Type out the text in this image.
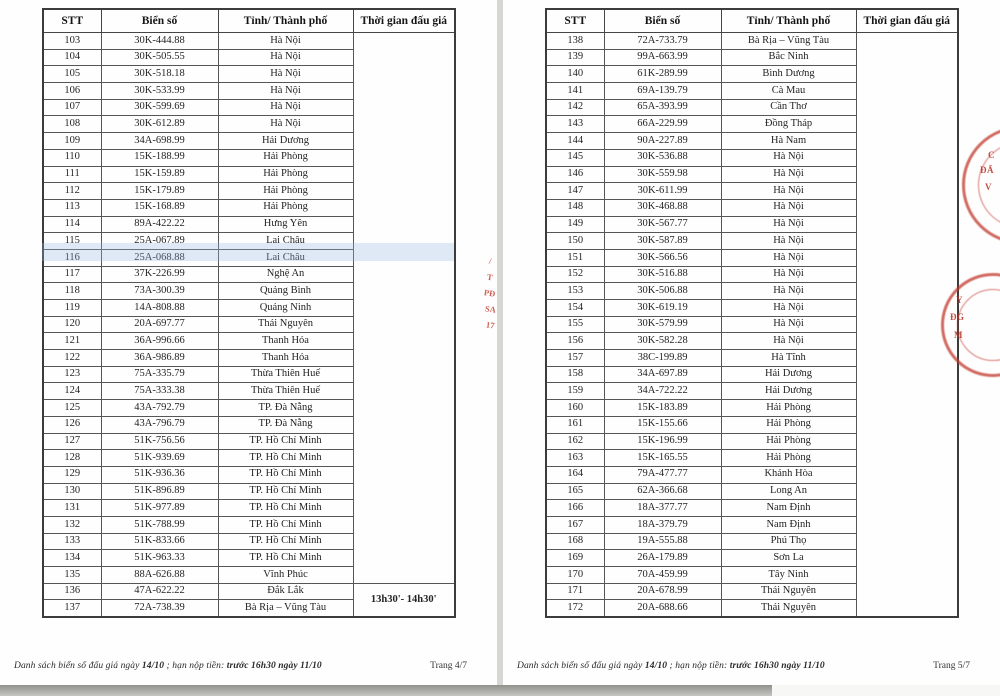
STT	Biển số	Tỉnh/ Thành phố	Thời gian đấu giá
103	30K-444.88	Hà Nội	
104	30K-505.55	Hà Nội	
105	30K-518.18	Hà Nội	
106	30K-533.99	Hà Nội	
107	30K-599.69	Hà Nội	
108	30K-612.89	Hà Nội	
109	34A-698.99	Hải Dương	
110	15K-188.99	Hải Phòng	
111	15K-159.89	Hải Phòng	
112	15K-179.89	Hải Phòng	
113	15K-168.89	Hải Phòng	
114	89A-422.22	Hưng Yên	
115	25A-067.89	Lai Châu	
116	25A-068.88	Lai Châu	
117	37K-226.99	Nghệ An	
118	73A-300.39	Quảng Bình	
119	14A-808.88	Quảng Ninh	
120	20A-697.77	Thái Nguyên	
121	36A-996.66	Thanh Hóa	
122	36A-986.89	Thanh Hóa	
123	75A-335.79	Thừa Thiên Huế	
124	75A-333.38	Thừa Thiên Huế	
125	43A-792.79	TP. Đà Nẵng	
126	43A-796.79	TP. Đà Nẵng	
127	51K-756.56	TP. Hồ Chí Minh	
128	51K-939.69	TP. Hồ Chí Minh	
129	51K-936.36	TP. Hồ Chí Minh	
130	51K-896.89	TP. Hồ Chí Minh	
131	51K-977.89	TP. Hồ Chí Minh	
132	51K-788.99	TP. Hồ Chí Minh	
133	51K-833.66	TP. Hồ Chí Minh	
134	51K-963.33	TP. Hồ Chí Minh	
135	88A-626.88	Vĩnh Phúc	
136	47A-622.22	Đắk Lắk	13h30'- 14h30'
137	72A-738.39	Bà Rịa – Vũng Tàu	
Danh sách biển số đấu giá ngày 14/10 ; hạn nộp tiền: trước 16h30 ngày 11/10	Trang 4/7
STT	Biển số	Tỉnh/ Thành phố	Thời gian đấu giá
138	72A-733.79	Bà Rịa – Vũng Tàu	
139	99A-663.99	Bắc Ninh	
140	61K-289.99	Bình Dương	
141	69A-139.79	Cà Mau	
142	65A-393.99	Cần Thơ	
143	66A-229.99	Đồng Tháp	
144	90A-227.89	Hà Nam	
145	30K-536.88	Hà Nội	
146	30K-559.98	Hà Nội	
147	30K-611.99	Hà Nội	
148	30K-468.88	Hà Nội	
149	30K-567.77	Hà Nội	
150	30K-587.89	Hà Nội	
151	30K-566.56	Hà Nội	
152	30K-516.88	Hà Nội	
153	30K-506.88	Hà Nội	
154	30K-619.19	Hà Nội	
155	30K-579.99	Hà Nội	
156	30K-582.28	Hà Nội	
157	38C-199.89	Hà Tĩnh	
158	34A-697.89	Hải Dương	
159	34A-722.22	Hải Dương	
160	15K-183.89	Hải Phòng	
161	15K-155.66	Hải Phòng	
162	15K-196.99	Hải Phòng	
163	15K-165.55	Hải Phòng	
164	79A-477.77	Khánh Hòa	
165	62A-366.68	Long An	
166	18A-377.77	Nam Định	
167	18A-379.79	Nam Định	
168	19A-555.88	Phú Thọ	
169	26A-179.89	Sơn La	
170	70A-459.99	Tây Ninh	
171	20A-678.99	Thái Nguyên	
172	20A-688.66	Thái Nguyên	
Danh sách biển số đấu giá ngày 14/10 ; hạn nộp tiền: trước 16h30 ngày 11/10	Trang 5/7
/
T
PĐ
SA
17
C
ĐẤ
V
Y
ĐG
M
